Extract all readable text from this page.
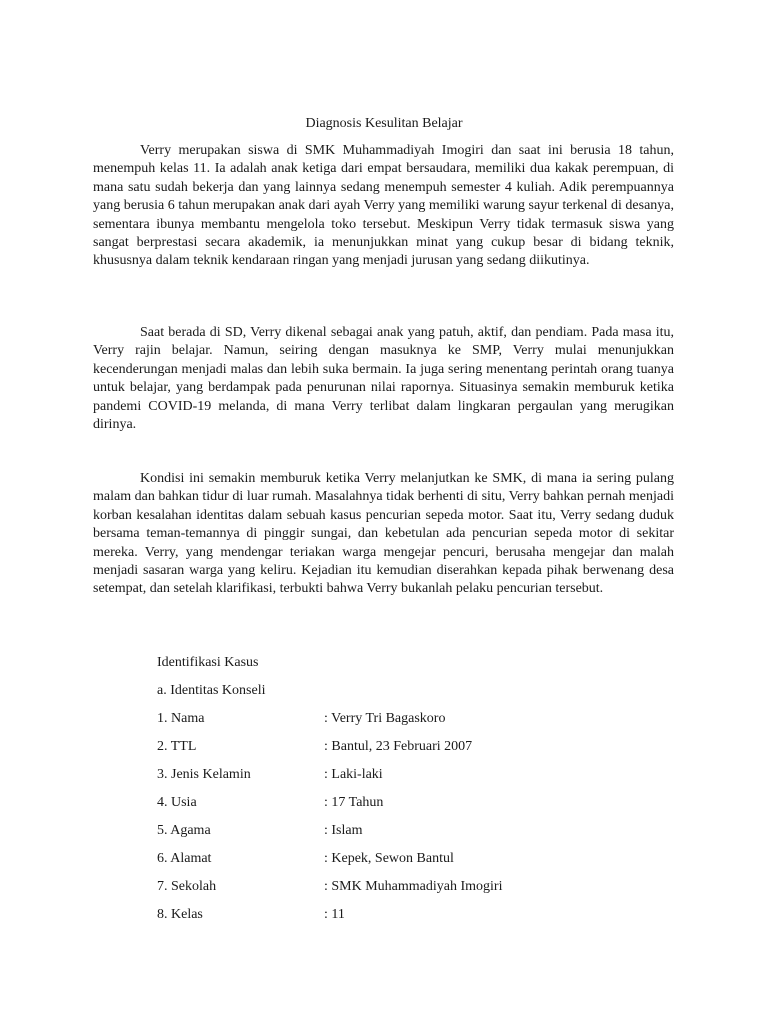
Diagnosis Kesulitan Belajar

Verry merupakan siswa di SMK Muhammadiyah Imogiri dan saat ini berusia 18 tahun, menempuh kelas 11. Ia adalah anak ketiga dari empat bersaudara, memiliki dua kakak perempuan, di mana satu sudah bekerja dan yang lainnya sedang menempuh semester 4 kuliah. Adik perempuannya yang berusia 6 tahun merupakan anak dari ayah Verry yang memiliki warung sayur terkenal di desanya, sementara ibunya membantu mengelola toko tersebut. Meskipun Verry tidak termasuk siswa yang sangat berprestasi secara akademik, ia menunjukkan minat yang cukup besar di bidang teknik, khususnya dalam teknik kendaraan ringan yang menjadi jurusan yang sedang diikutinya.

Saat berada di SD, Verry dikenal sebagai anak yang patuh, aktif, dan pendiam. Pada masa itu, Verry rajin belajar. Namun, seiring dengan masuknya ke SMP, Verry mulai menunjukkan kecenderungan menjadi malas dan lebih suka bermain. Ia juga sering menentang perintah orang tuanya untuk belajar, yang berdampak pada penurunan nilai rapornya. Situasinya semakin memburuk ketika pandemi COVID-19 melanda, di mana Verry terlibat dalam lingkaran pergaulan yang merugikan dirinya.

Kondisi ini semakin memburuk ketika Verry melanjutkan ke SMK, di mana ia sering pulang malam dan bahkan tidur di luar rumah. Masalahnya tidak berhenti di situ, Verry bahkan pernah menjadi korban kesalahan identitas dalam sebuah kasus pencurian sepeda motor. Saat itu, Verry sedang duduk bersama teman-temannya di pinggir sungai, dan kebetulan ada pencurian sepeda motor di sekitar mereka. Verry, yang mendengar teriakan warga mengejar pencuri, berusaha mengejar dan malah menjadi sasaran warga yang keliru. Kejadian itu kemudian diserahkan kepada pihak berwenang desa setempat, dan setelah klarifikasi, terbukti bahwa Verry bukanlah pelaku pencurian tersebut.

Identifikasi Kasus
a. Identitas Konseli
1. Nama	: Verry Tri Bagaskoro
2. TTL	: Bantul, 23 Februari 2007
3. Jenis Kelamin	: Laki-laki
4. Usia	: 17 Tahun
5. Agama	: Islam
6. Alamat	: Kepek, Sewon Bantul
7. Sekolah	: SMK Muhammadiyah Imogiri
8. Kelas	: 11
